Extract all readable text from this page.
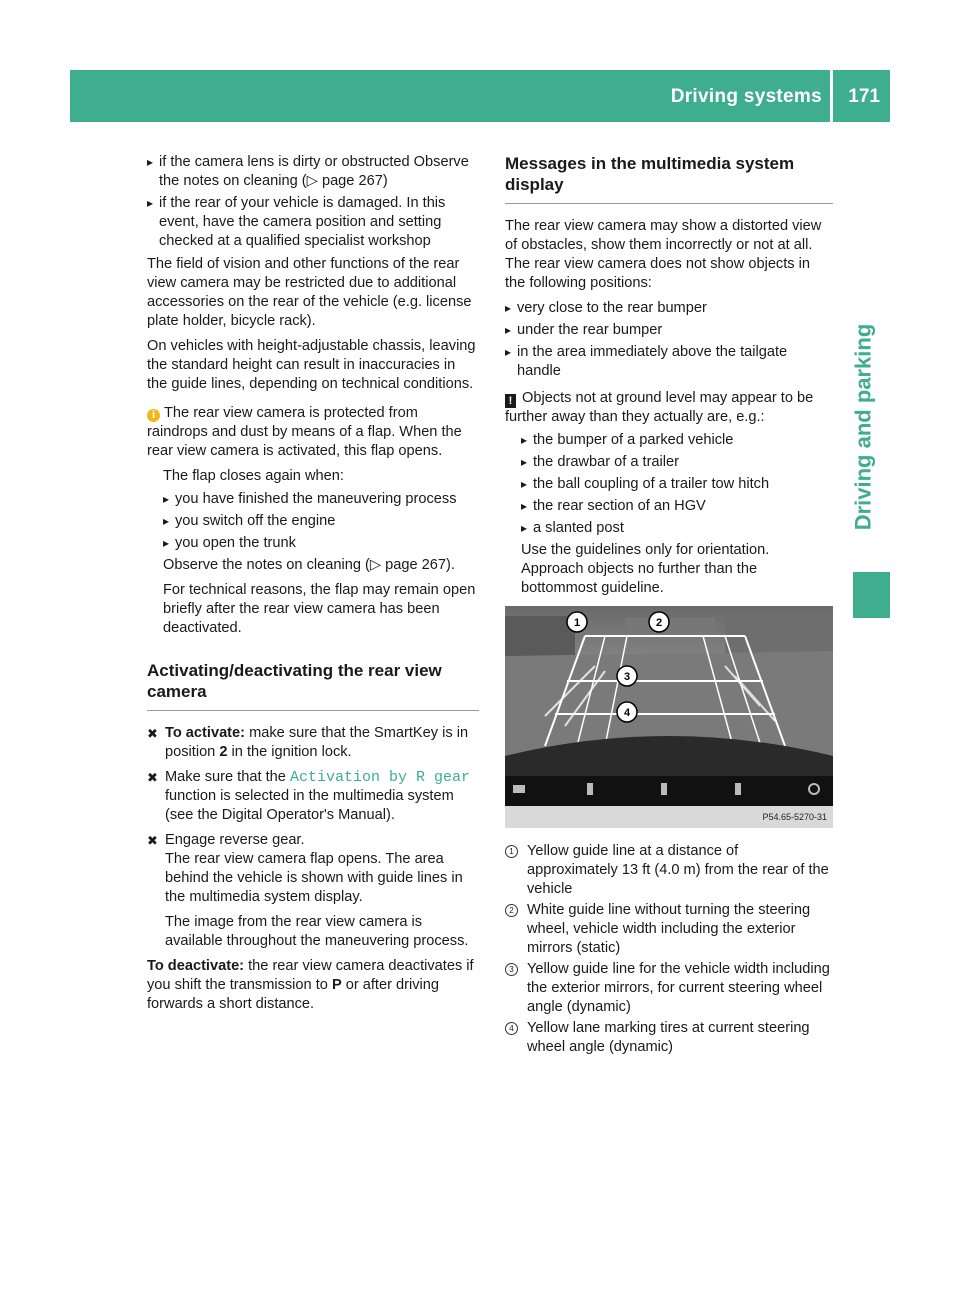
Driving systems 171
Driving and parking
▸ if the camera lens is dirty or obstructed Observe the notes on cleaning (▷ page 267)
▸ if the rear of your vehicle is damaged. In this event, have the camera position and setting checked at a qualified specialist workshop

The field of vision and other functions of the rear view camera may be restricted due to additional accessories on the rear of the vehicle (e.g. license plate holder, bicycle rack).

On vehicles with height-adjustable chassis, leaving the standard height can result in inaccuracies in the guide lines, depending on technical conditions.

i The rear view camera is protected from raindrops and dust by means of a flap. When the rear view camera is activated, this flap opens.

The flap closes again when:

▸ you have finished the maneuvering process
▸ you switch off the engine
▸ you open the trunk

Observe the notes on cleaning (▷ page 267).

For technical reasons, the flap may remain open briefly after the rear view camera has been deactivated.

Activating/deactivating the rear view camera
✖ To activate: make sure that the SmartKey is in position 2 in the ignition lock.
✖ Make sure that the Activation by R gear function is selected in the multimedia system (see the Digital Operator's Manual).
✖ Engage reverse gear.
The rear view camera flap opens. The area behind the vehicle is shown with guide lines in the multimedia system display.

The image from the rear view camera is available throughout the maneuvering process.

To deactivate: the rear view camera deactivates if you shift the transmission to P or after driving forwards a short distance.

Messages in the multimedia system display

The rear view camera may show a distorted view of obstacles, show them incorrectly or not at all. The rear view camera does not show objects in the following positions:

▸ very close to the rear bumper
▸ under the rear bumper
▸ in the area immediately above the tailgate handle

! Objects not at ground level may appear to be further away than they actually are, e.g.:

▸ the bumper of a parked vehicle
▸ the drawbar of a trailer
▸ the ball coupling of a trailer tow hitch
▸ the rear section of an HGV
▸ a slanted post

Use the guidelines only for orientation.

Approach objects no further than the bottommost guideline.

1	2
3
4
P54.65-5270-31
1 Yellow guide line at a distance of approximately 13 ft (4.0 m) from the rear of the vehicle
2 White guide line without turning the steering wheel, vehicle width including the exterior mirrors (static)
3 Yellow guide line for the vehicle width including the exterior mirrors, for current steering wheel angle (dynamic)
4 Yellow lane marking tires at current steering wheel angle (dynamic)
